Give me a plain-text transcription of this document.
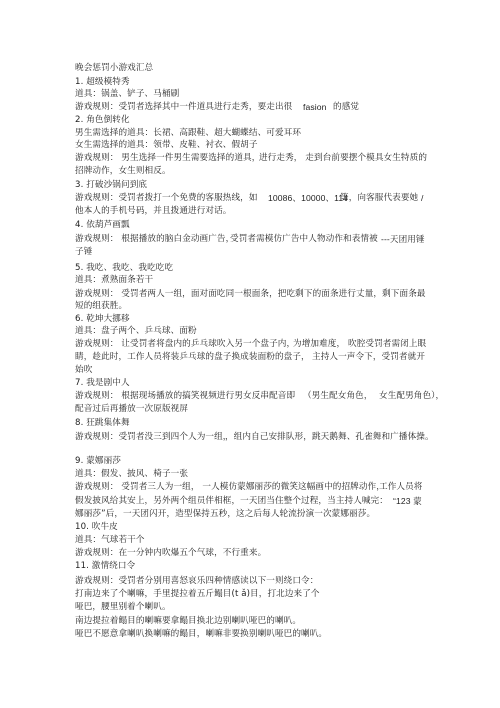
晚会惩罚小游戏汇总
1. 超级模特秀
道具：锅盖、铲子、马桶刷
游戏规则：受罚者选择其中一件道具进行走秀，要走出很 fasion 的感觉
2. 角色倒转化
男生需选择的道具：长裙、高跟鞋、超大蝴蝶结、可爱耳环
女生需选择的道具：领带、皮鞋、衬衣、假胡子
游戏规则： 男生选择一件男生需要选择的道具，
进行走秀， 走到台前要摆个模具女生特质的
招牌动作，女生则相反。
3. 打破沙锅问到底
游戏规则：受罚者拨打一个免费的客服热线，如 10086、10000、114
等，向客服代表要她 /
他本人的手机号码，并且拨通进行对话。
4. 依葫芦画瓢
游戏规则： 根据播放的脑白金动画广告，
受罚者需模仿广告中人物动作和表情被 ---天团用锤
子锤
5. 我吃、我吃、我吃吃吃
道具：煮熟面条若干
游戏规则： 受罚者两人一组，面对面吃同一根面条，把吃剩下的面条进行丈量，剩下面条最
短的组获胜。
6. 乾坤大挪移
道具：盘子两个、乒乓球、面粉
游戏规则： 让受罚者将盘内的乒乓球吹入另一个盘子内，
为增加难度， 吹腔受罚者需闭上眼
睛，趁此时，工作人员将装乒乓球的盘子换成装面粉的盘子， 主持人一声令下，受罚者就开
始吹
7. 我是剧中人
游戏规则： 根据现场播放的搞笑视频进行男女反串配音即 （男生配女角色， 女生配男角色），
配音过后再播放一次原版视屏
8. 狂跳集体舞
游戏规则：受罚者没三到四个人为一组，
，组内自己安排队形，跳天鹅舞、孔雀舞和广播体操。
9. 蒙娜丽莎
道具：假发、披风、椅子一张
游戏规则： 受罚者三人为一组， 一人模仿蒙娜丽莎的微笑这幅画中的招牌动作，
工作人员将
假发披风给其安上，另外两个组员伴相框，一天团当住整个过程，当主持人喊完： “123 蒙
娜丽莎”后，一天团闪开，造型保持五秒，这之后每人轮流扮演一次蒙娜丽莎。
10. 吹牛皮
道具：气球若干个
游戏规则：在一分钟内吹爆五个气球，不行重来。
11. 激情绕口令
游戏规则：受罚者分别用喜怒哀乐四种情感读以下一则绕口令：
打南边来了个喇嘛，手里提拉着五斤鳎目(t ǎ)目，打北边来了个
哑巴，腰里别着个喇叭。
南边提拉着鳎目的喇嘛要拿鳎目换北边别喇叭哑巴的喇叭。
哑巴不愿意拿喇叭换喇嘛的鳎目，喇嘛非要换别喇叭哑巴的喇叭。
